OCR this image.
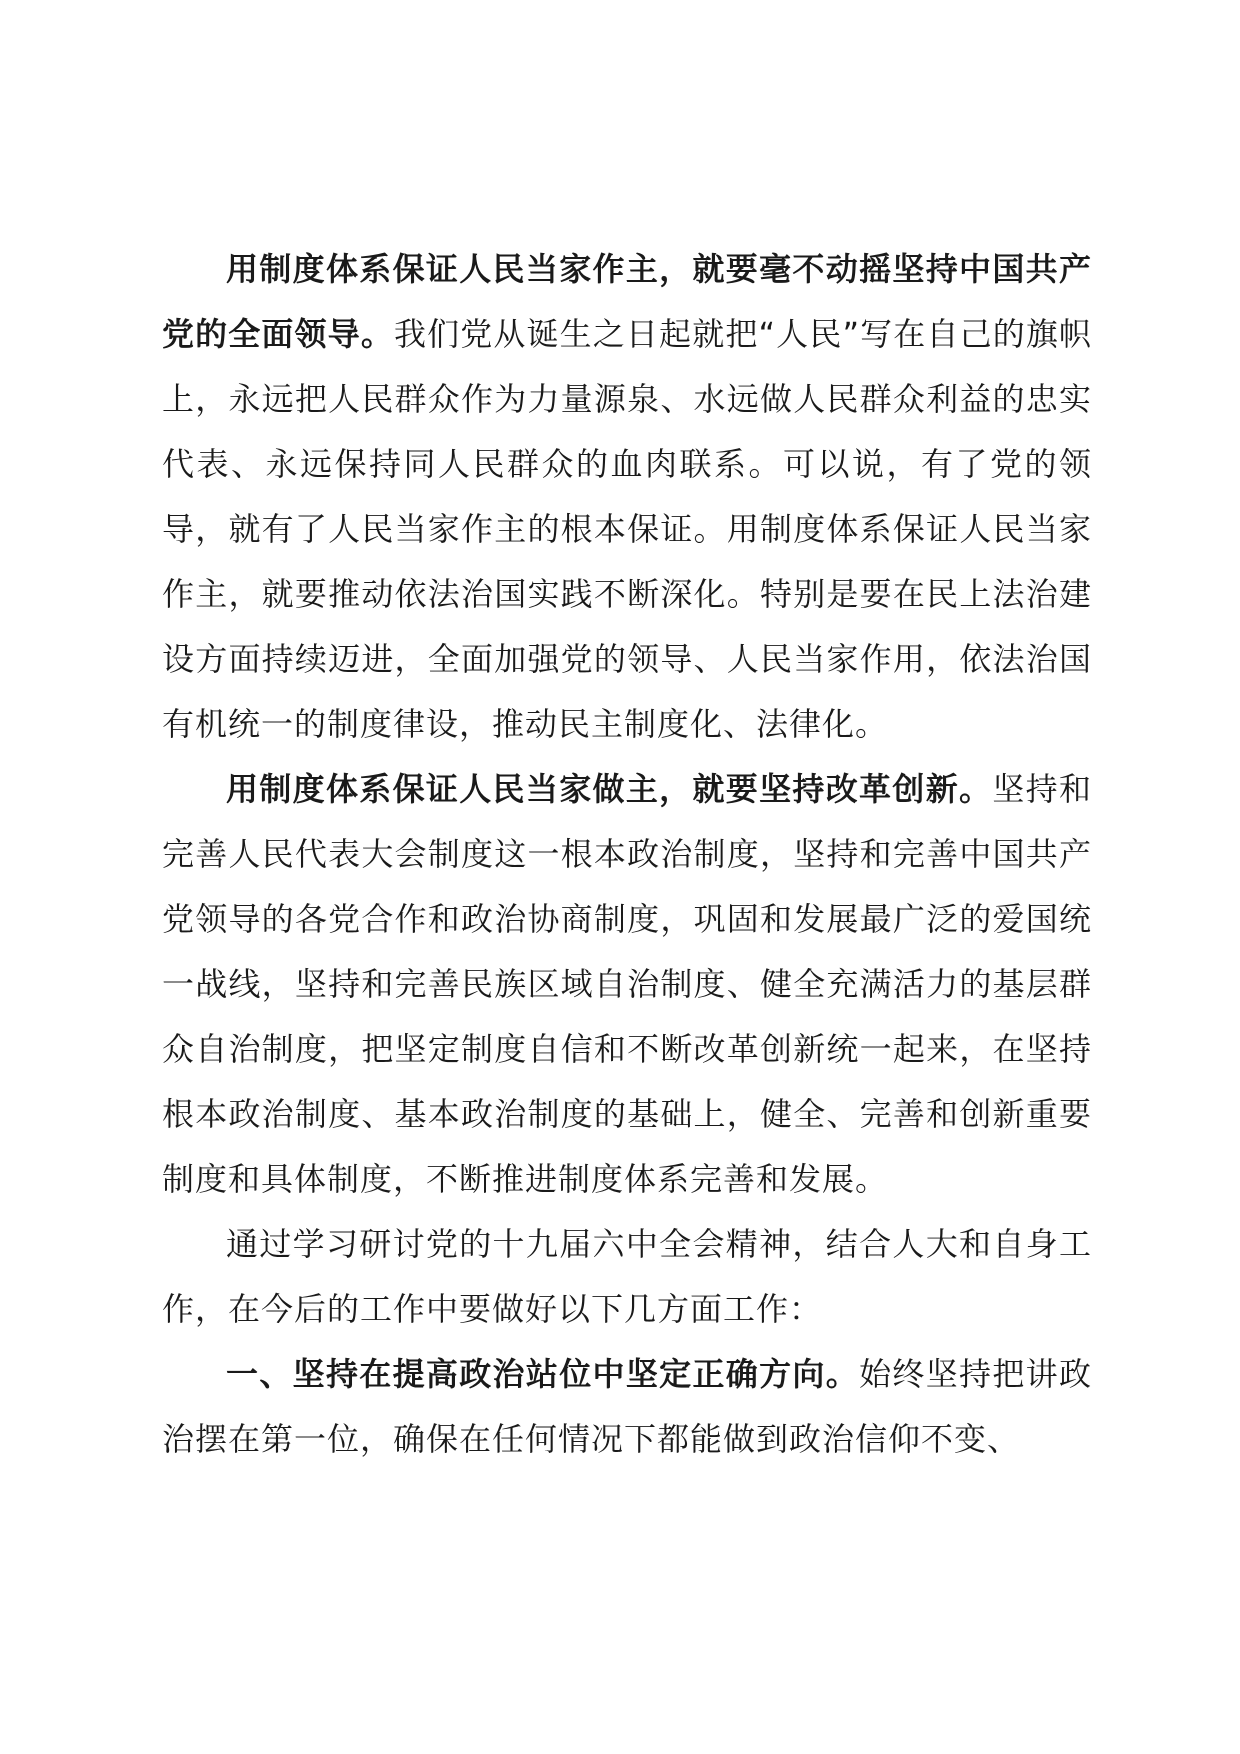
用制度体系保证人民当家作主，就要毫不动摇坚持中国共产党的全面领导。我们党从诞生之日起就把“人民”写在自己的旗帜上，永远把人民群众作为力量源泉、水远做人民群众利益的忠实代表、永远保持同人民群众的血肉联系。可以说，有了党的领导，就有了人民当家作主的根本保证。用制度体系保证人民当家作主，就要推动依法治国实践不断深化。特别是要在民上法治建设方面持续迈进，全面加强党的领导、人民当家作用，依法治国有机统一的制度律设，推动民主制度化、法律化。

用制度体系保证人民当家做主，就要坚持改革创新。坚持和完善人民代表大会制度这一根本政治制度，坚持和完善中国共产党领导的各党合作和政治协商制度，巩固和发展最广泛的爱国统一战线，坚持和完善民族区域自治制度、健全充满活力的基层群众自治制度，把坚定制度自信和不断改革创新统一起来，在坚持根本政治制度、基本政治制度的基础上，健全、完善和创新重要制度和具体制度，不断推进制度体系完善和发展。

通过学习研讨党的十九届六中全会精神，结合人大和自身工作，在今后的工作中要做好以下几方面工作：

一、坚持在提高政治站位中坚定正确方向。始终坚持把讲政治摆在第一位，确保在任何情况下都能做到政治信仰不变、
